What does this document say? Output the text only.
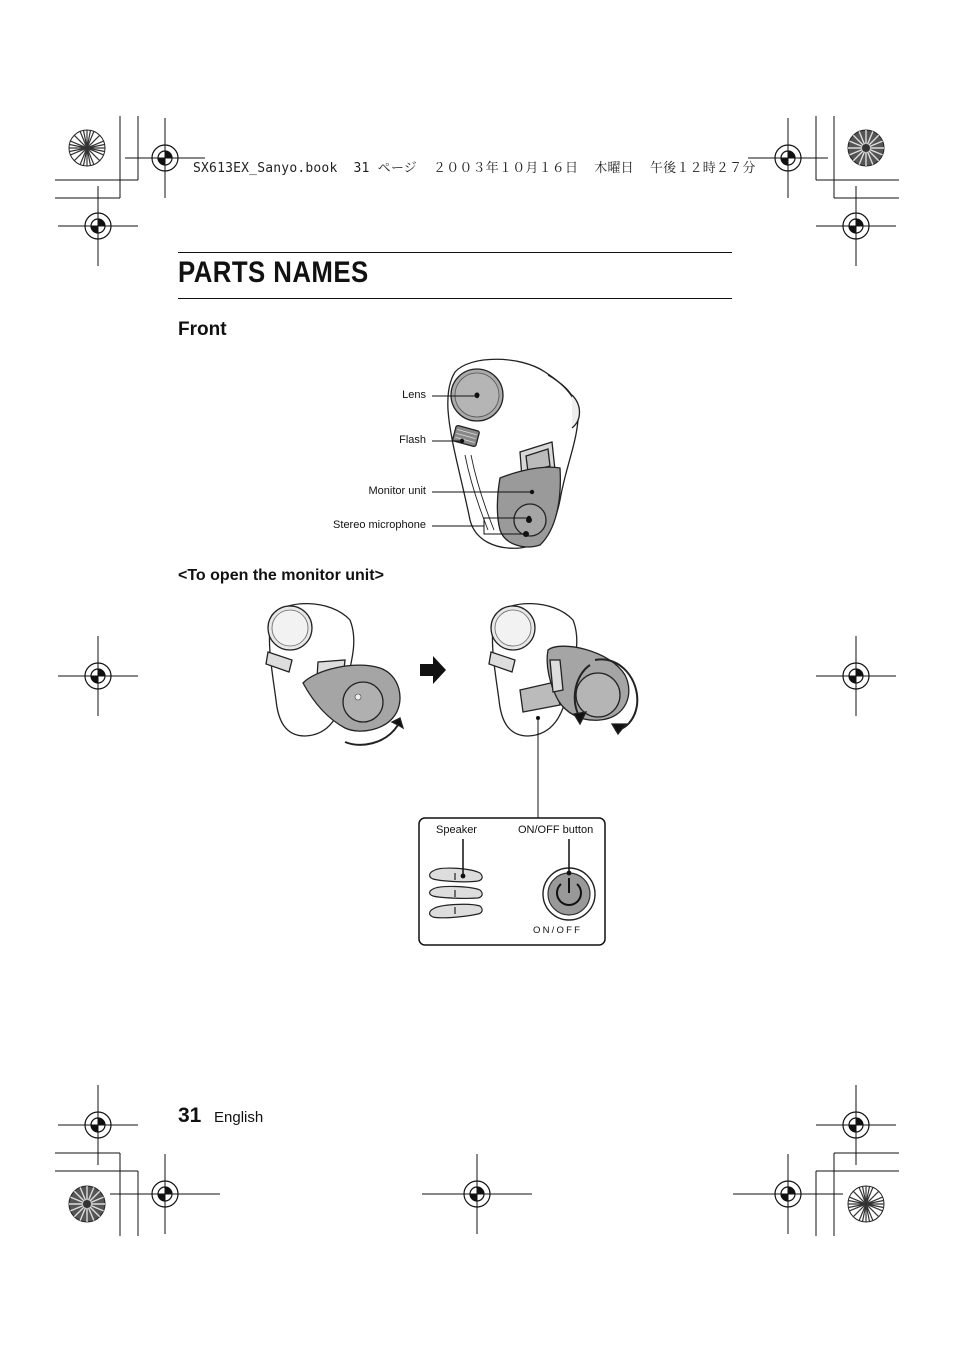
SX613EX_Sanyo.book  31 ページ  ２００３年１０月１６日  木曜日  午後１２時２７分
PARTS NAMES
Front
<To open the monitor unit>
Lens
Flash
Monitor unit
Stereo microphone
Speaker	ON/OFF button
ON/OFF
31 English
